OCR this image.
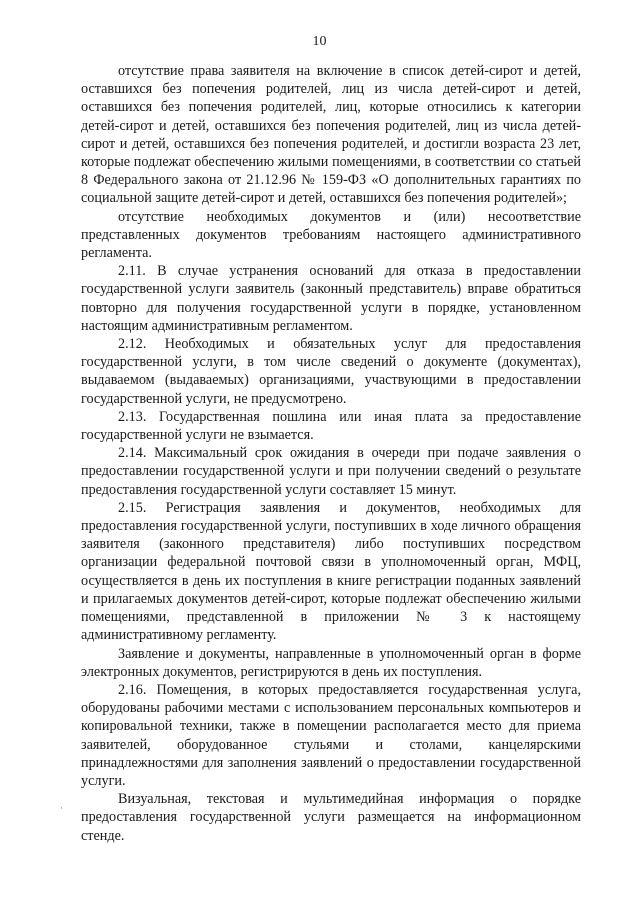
10

отсутствие права заявителя на включение в список детей-сирот и детей, оставшихся без попечения родителей, лиц из числа детей-сирот и детей, оставшихся без попечения родителей, лиц, которые относились к категории детей-сирот и детей, оставшихся без попечения родителей, лиц из числа детей-сирот и детей, оставшихся без попечения родителей, и достигли возраста 23 лет, которые подлежат обеспечению жилыми помещениями, в соответствии со статьей 8 Федерального закона от 21.12.96 № 159-ФЗ «О дополнительных гарантиях по социальной защите детей-сирот и детей, оставшихся без попечения родителей»;

отсутствие необходимых документов и (или) несоответствие представленных документов требованиям настоящего административного регламента.

2.11. В случае устранения оснований для отказа в предоставлении государственной услуги заявитель (законный представитель) вправе обратиться повторно для получения государственной услуги в порядке, установленном настоящим административным регламентом.

2.12. Необходимых и обязательных услуг для предоставления государственной услуги, в том числе сведений о документе (документах), выдаваемом (выдаваемых) организациями, участвующими в предоставлении государственной услуги, не предусмотрено.

2.13. Государственная пошлина или иная плата за предоставление государственной услуги не взымается.

2.14. Максимальный срок ожидания в очереди при подаче заявления о предоставлении государственной услуги и при получении сведений о результате предоставления государственной услуги составляет 15 минут.

2.15. Регистрация заявления и документов, необходимых для предоставления государственной услуги, поступивших в ходе личного обращения заявителя (законного представителя) либо поступивших посредством организации федеральной почтовой связи в уполномоченный орган, МФЦ, осуществляется в день их поступления в книге регистрации поданных заявлений и прилагаемых документов детей-сирот, которые подлежат обеспечению жилыми помещениями, представленной в приложении № 3 к настоящему административному регламенту.

Заявление и документы, направленные в уполномоченный орган в форме электронных документов, регистрируются в день их поступления.

2.16. Помещения, в которых предоставляется государственная услуга, оборудованы рабочими местами с использованием персональных компьютеров и копировальной техники, также в помещении располагается место для приема заявителей, оборудованное стульями и столами, канцелярскими принадлежностями для заполнения заявлений о предоставлении государственной услуги.

Визуальная, текстовая и мультимедийная информация о порядке предоставления государственной услуги размещается на информационном стенде.

·
